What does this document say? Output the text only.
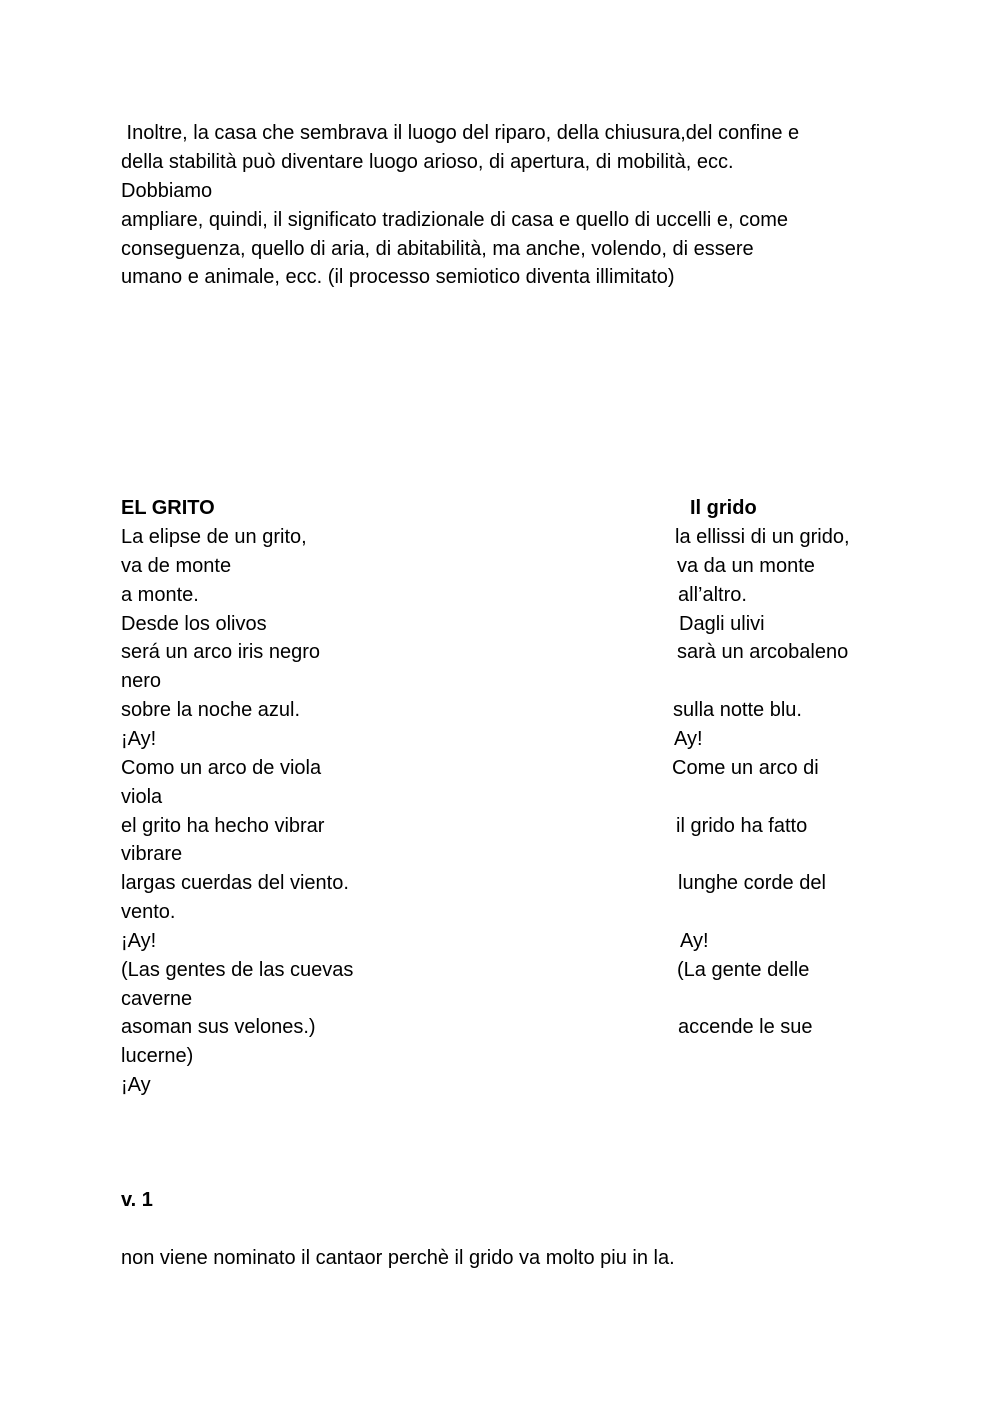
Inoltre, la casa che sembrava il luogo del riparo, della chiusura,del confine e

della stabilità può diventare luogo arioso, di apertura, di mobilità, ecc.

Dobbiamo

ampliare, quindi, il significato tradizionale di casa e quello di uccelli e, come

conseguenza, quello di aria, di abitabilità, ma anche, volendo, di essere

umano e animale, ecc. (il processo semiotico diventa illimitato)

EL GRITO	Il grido

La elipse de un grito,

va de monte

a monte.

Desde los olivos

será un arco iris negro

nero

sobre la noche azul.

¡Ay!

Como un arco de viola

viola

el grito ha hecho vibrar

vibrare

largas cuerdas del viento.

vento.

¡Ay!

(Las gentes de las cuevas

caverne

asoman sus velones.)

lucerne)

¡Ay

la ellissi di un grido,

va da un monte

all’altro.

Dagli ulivi

sarà un arcobaleno

sulla notte blu.

Ay!

Come un arco di

il grido ha fatto

lunghe corde del

Ay!

(La gente delle

accende le sue

v. 1

non viene nominato il cantaor perchè il grido va molto piu in la.
